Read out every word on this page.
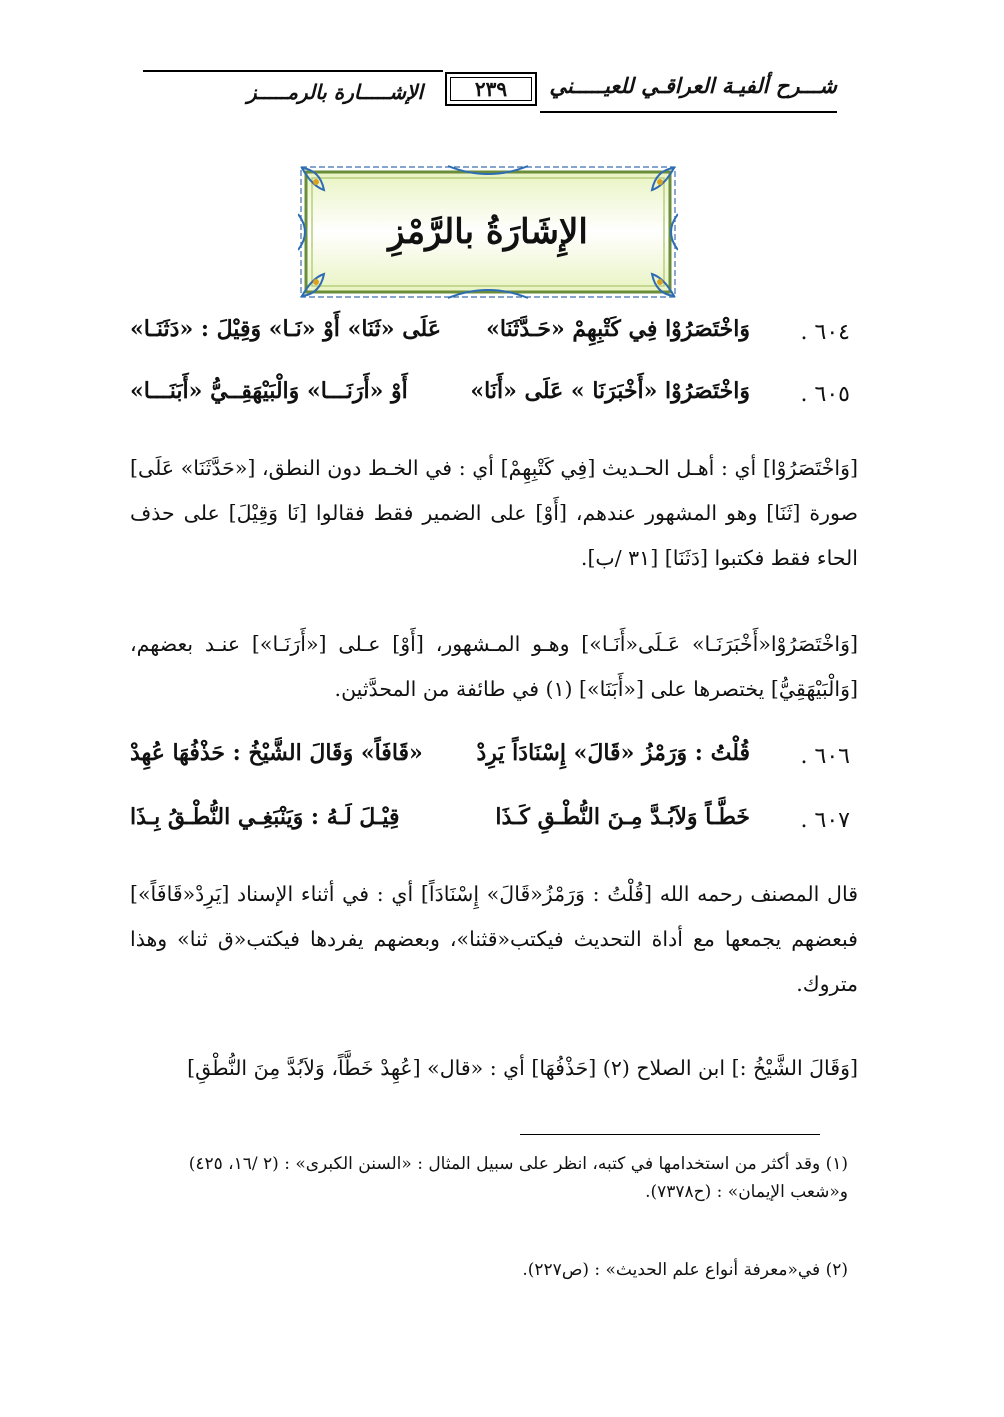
شـــرح ألفيـة العراقـي للعيـــــني
٢٣٩
الإشـــــارة بالرمـــــز
الإِشَارَةُ بالرَّمْزِ
٦٠٤ .
وَاخْتَصَرُوْا فِي كَتْبِهِمْ «حَـدَّثَنَا»
عَلَى «ثَنَا» أَوْ «نَـا» وَقِيْلَ : «دَثَنَـا»
٦٠٥ .
وَاخْتَصَرُوْا «أَخْبَرَنَا » عَلَى «أَنَا»
أَوْ «أَرَنَـــا» وَالْبَيْهَقِــيُّ «أَبَنَـــا»
[وَاخْتَصَرُوْا] أي : أهـل الحـديث [فِي كَتْبِهِمْ] أي : في الخـط دون النطق، [«حَدَّثَنَا» عَلَى] صورة [ثَنَا] وهو المشهور عندهم، [أَوْ] على الضمير فقط فقالوا [نَا وَقِيْلَ] على حذف الحاء فقط فكتبوا [دَثَنَا] [٣١ /ب].
[وَاخْتَصَرُوْا«أَخْبَرَنَـا» عَـلَى«أَنَـا»] وهـو المـشهور، [أَوْ] عـلى [«أَرَنَـا»] عنـد بعضهم، [وَالْبَيْهَقِيُّ] يختصرها على [«أَبَنَا»] (١) في طائفة من المحدَّثين.
٦٠٦ .
قُلْتُ : وَرَمْزُ «قَالَ» إِسْنَادَاً يَرِدْ
«قَافَاً» وَقَالَ الشَّيْخُ : حَذْفُهَا عُهِدْ
٦٠٧ .
خَطَّـاً وَلاَبُـدَّ مِـنَ النُّطْـقِ كَـذَا
قِيْـلَ لَـهُ : وَيَنْبَغِـي النُّطْـقُ بِـذَا
قال المصنف رحمه الله [قُلْتُ : وَرَمْزُ«قَالَ» إِسْنَادَاً] أي : في أثناء الإسناد [يَرِدْ«قَافَاً»] فبعضهم يجمعها مع أداة التحديث فيكتب«قثنا»، وبعضهم يفردها فيكتب«ق ثنا» وهذا متروك.
[وَقَالَ الشَّيْخُ :] ابن الصلاح (٢) [حَذْفُهَا] أي : «قال» [عُهِدْ خَطَّاً، وَلاَبُدَّ مِنَ النُّطْقِ]
(١) وقد أكثر من استخدامها في كتبه، انظر على سبيل المثال : «السنن الكبرى» : (٢ /١٦، ٤٢٥) و«شعب الإيمان» : (ح٧٣٧٨).
(٢) في«معرفة أنواع علم الحديث» : (ص٢٢٧).
